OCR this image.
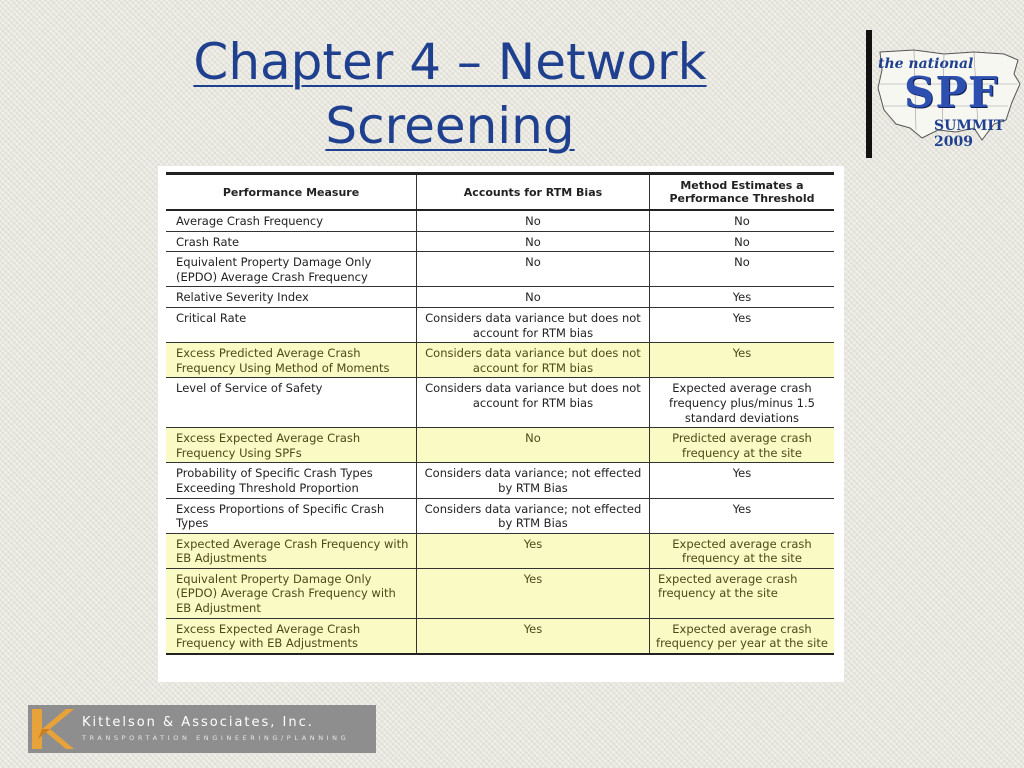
Chapter 4 – Network
Screening
the national
SPF
SUMMIT 2009
Performance Measure	Accounts for RTM Bias	Method Estimates a Performance Threshold
Average Crash Frequency	No	No
Crash Rate	No	No
Equivalent Property Damage Only (EPDO) Average Crash Frequency	No	No
Relative Severity Index	No	Yes
Critical Rate	Considers data variance but does not account for RTM bias	Yes
Excess Predicted Average Crash Frequency Using Method of Moments	Considers data variance but does not account for RTM bias	Yes
Level of Service of Safety	Considers data variance but does not account for RTM bias	Expected average crash frequency plus/minus 1.5 standard deviations
Excess Expected Average Crash Frequency Using SPFs	No	Predicted average crash frequency at the site
Probability of Specific Crash Types Exceeding Threshold Proportion	Considers data variance; not effected by RTM Bias	Yes
Excess Proportions of Specific Crash Types	Considers data variance; not effected by RTM Bias	Yes
Expected Average Crash Frequency with EB Adjustments	Yes	Expected average crash frequency at the site
Equivalent Property Damage Only (EPDO) Average Crash Frequency with EB Adjustment	Yes	Expected average crash frequency at the site
Excess Expected Average Crash Frequency with EB Adjustments	Yes	Expected average crash frequency per year at the site
Kittelson & Associates, Inc.
TRANSPORTATION ENGINEERING/PLANNING
